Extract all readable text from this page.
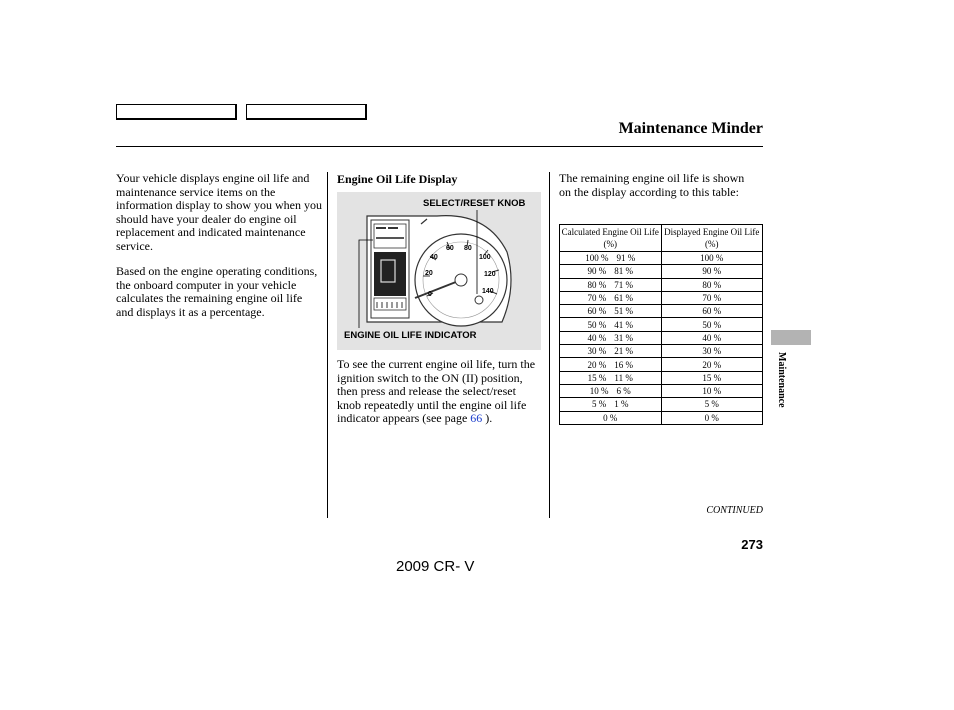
Maintenance Minder
Your vehicle displays engine oil life and maintenance service items on the information display to show you when you should have your dealer do engine oil replacement and indicated maintenance service.
Based on the engine operating conditions, the onboard computer in your vehicle calculates the remaining engine oil life and displays it as a percentage.
Engine Oil Life Display
0
20
40
60 80
100
120
140
SELECT/RESET KNOB
ENGINE OIL LIFE INDICATOR
To see the current engine oil life, turn the ignition switch to the ON (II) position, then press and release the select/reset knob repeatedly until the engine oil life indicator appears (see page 66 ).
The remaining engine oil life is shown on the display according to this table:
Calculated Engine Oil Life (%)	Displayed Engine Oil Life (%)

100 % 91 %	100 %

90 % 81 %	90 %

80 % 71 %	80 %

70 % 61 %	70 %

60 % 51 %	60 %

50 % 41 %	50 %

40 % 31 %	40 %

30 % 21 %	30 %

20 % 16 %	20 %

15 % 11 %	15 %

10 % 6 %	10 %

5 % 1 %	5 %

0 %	0 %
Maintenance
CONTINUED
273
2009 CR- V
